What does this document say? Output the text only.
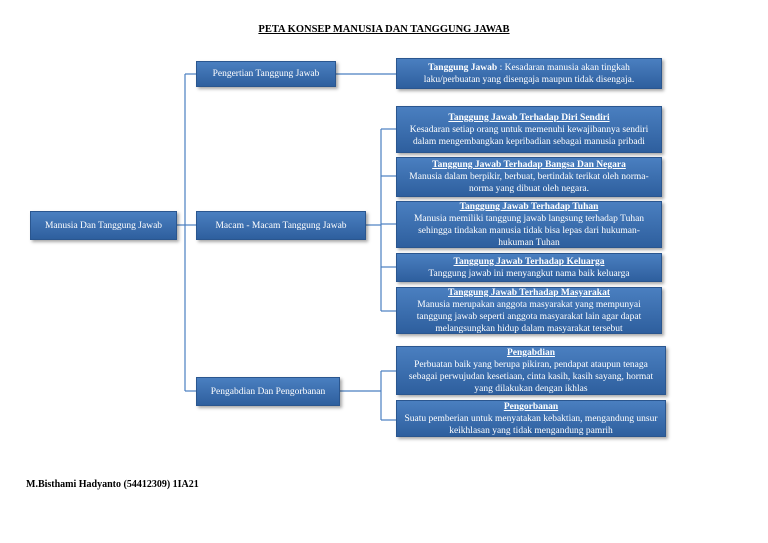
PETA KONSEP MANUSIA DAN TANGGUNG JAWAB
Manusia Dan Tanggung Jawab
Pengertian Tanggung Jawab
Macam - Macam Tanggung Jawab
Pengabdian Dan Pengorbanan
Tanggung Jawab : Kesadaran manusia akan tingkah laku/perbuatan yang disengaja maupun tidak disengaja.
Tanggung Jawab Terhadap Diri Sendiri
Kesadaran setiap orang untuk memenuhi kewajibannya sendiri dalam mengembangkan kepribadian sebagai manusia pribadi
Tanggung Jawab Terhadap Bangsa Dan Negara
Manusia dalam berpikir, berbuat, bertindak terikat oleh norma-norma yang dibuat oleh negara.
Tanggung Jawab Terhadap Tuhan
Manusia memiliki tanggung jawab langsung terhadap Tuhan sehingga tindakan manusia tidak bisa lepas dari hukuman-hukuman Tuhan
Tanggung Jawab Terhadap Keluarga
Tanggung jawab ini menyangkut nama baik keluarga
Tanggung Jawab Terhadap Masyarakat
Manusia merupakan anggota masyarakat yang mempunyai tanggung jawab seperti anggota masyarakat lain agar dapat melangsungkan hidup dalam masyarakat tersebut
Pengabdian
Perbuatan baik yang berupa pikiran, pendapat ataupun tenaga sebagai perwujudan kesetiaan, cinta kasih, kasih sayang, hormat yang dilakukan dengan ikhlas
Pengorbanan
Suatu pemberian untuk menyatakan kebaktian, mengandung unsur keikhlasan yang tidak mengandung pamrih
M.Bisthami Hadyanto (54412309) 1IA21
